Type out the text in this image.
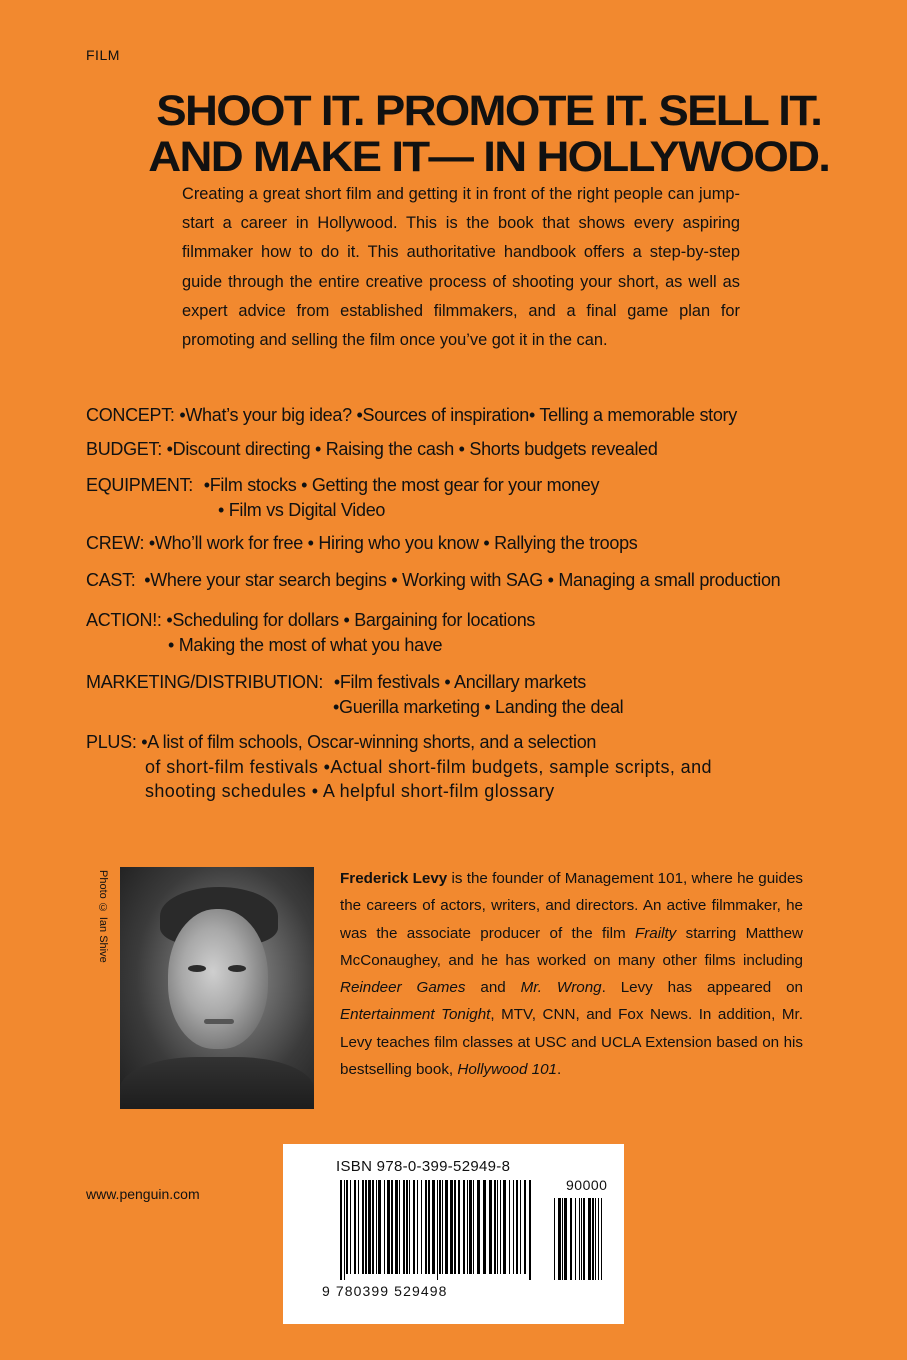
FILM
SHOOT IT. PROMOTE IT. SELL IT.
AND MAKE IT— IN HOLLYWOOD.
Creating a great short film and getting it in front of the right people can jump-start a career in Hollywood. This is the book that shows every aspiring filmmaker how to do it. This authoritative handbook offers a step-by-step guide through the entire creative process of shooting your short, as well as expert advice from established filmmakers, and a final game plan for promoting and selling the film once you’ve got it in the can.
CONCEPT: •What’s your big idea? •Sources of inspiration• Telling a memorable story
BUDGET: •Discount directing • Raising the cash • Shorts budgets revealed
EQUIPMENT: •Film stocks • Getting the most gear for your money
• Film vs Digital Video
CREW: •Who’ll work for free • Hiring who you know • Rallying the troops
CAST: •Where your star search begins • Working with SAG • Managing a small production
ACTION!: •Scheduling for dollars • Bargaining for locations
• Making the most of what you have
MARKETING/DISTRIBUTION: •Film festivals • Ancillary markets
•Guerilla marketing • Landing the deal
PLUS: •A list of film schools, Oscar-winning shorts, and a selection
of short-film festivals •Actual short-film budgets, sample scripts, and
shooting schedules • A helpful short-film glossary
Photo © Ian Shive	Frederick Levy is the founder of Management 101, where he guides the careers of actors, writers, and directors. An active filmmaker, he was the associate producer of the film Frailty starring Matthew McConaughey, and he has worked on many other films including Reindeer Games and Mr. Wrong. Levy has appeared on Entertainment Tonight, MTV, CNN, and Fox News. In addition, Mr. Levy teaches film classes at USC and UCLA Extension based on his bestselling book, Hollywood 101.
www.penguin.com
ISBN 978-0-399-52949-8
90000
9 780399 529498
